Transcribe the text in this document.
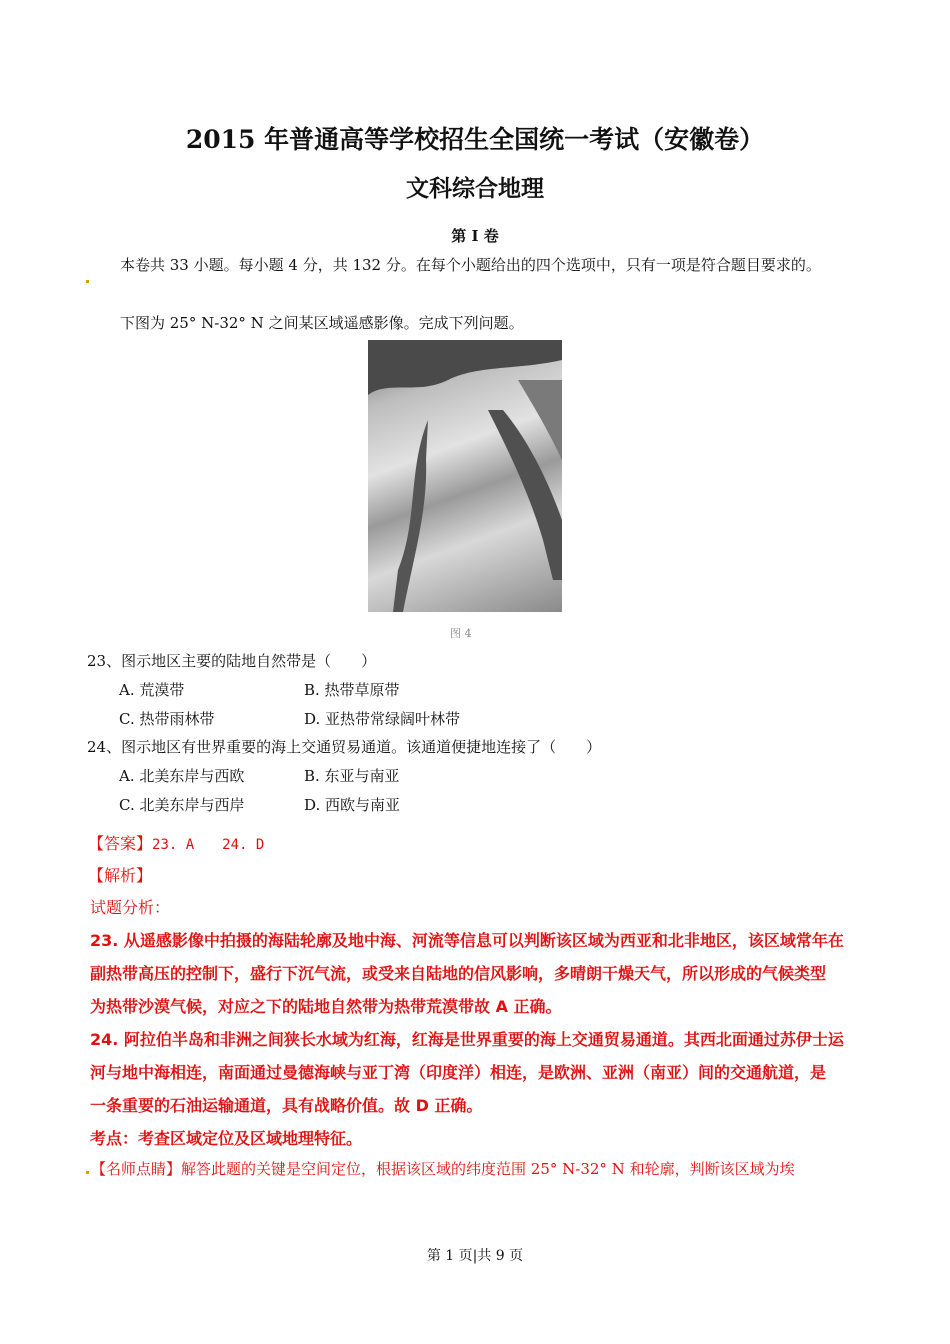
2015 年普通高等学校招生全国统一考试（安徽卷）
文科综合地理
第 I 卷
本卷共 33 小题。每小题 4 分，共 132 分。在每个小题给出的四个选项中，只有一项是符合题目要求的。
下图为 25° N-32° N 之间某区域遥感影像。完成下列问题。
图 4
23、图示地区主要的陆地自然带是（　　）
A. 荒漠带	B. 热带草原带
C. 热带雨林带	D. 亚热带常绿阔叶林带
24、图示地区有世界重要的海上交通贸易通道。该通道便捷地连接了（　　）
A. 北美东岸与西欧	B. 东亚与南亚
C. 北美东岸与西岸	D. 西欧与南亚
【答案】23. A　　24. D
【解析】
试题分析：
23. 从遥感影像中拍摄的海陆轮廓及地中海、河流等信息可以判断该区域为西亚和北非地区，该区域常年在
副热带高压的控制下，盛行下沉气流，或受来自陆地的信风影响，多晴朗干燥天气，所以形成的气候类型
为热带沙漠气候，对应之下的陆地自然带为热带荒漠带故 A 正确。
24. 阿拉伯半岛和非洲之间狭长水域为红海，红海是世界重要的海上交通贸易通道。其西北面通过苏伊士运
河与地中海相连，南面通过曼德海峡与亚丁湾（印度洋）相连，是欧洲、亚洲（南亚）间的交通航道，是
一条重要的石油运输通道，具有战略价值。故 D 正确。
考点：考查区域定位及区域地理特征。
【名师点睛】解答此题的关键是空间定位，根据该区域的纬度范围 25° N-32° N 和轮廓，判断该区域为埃
第 1 页|共 9 页
